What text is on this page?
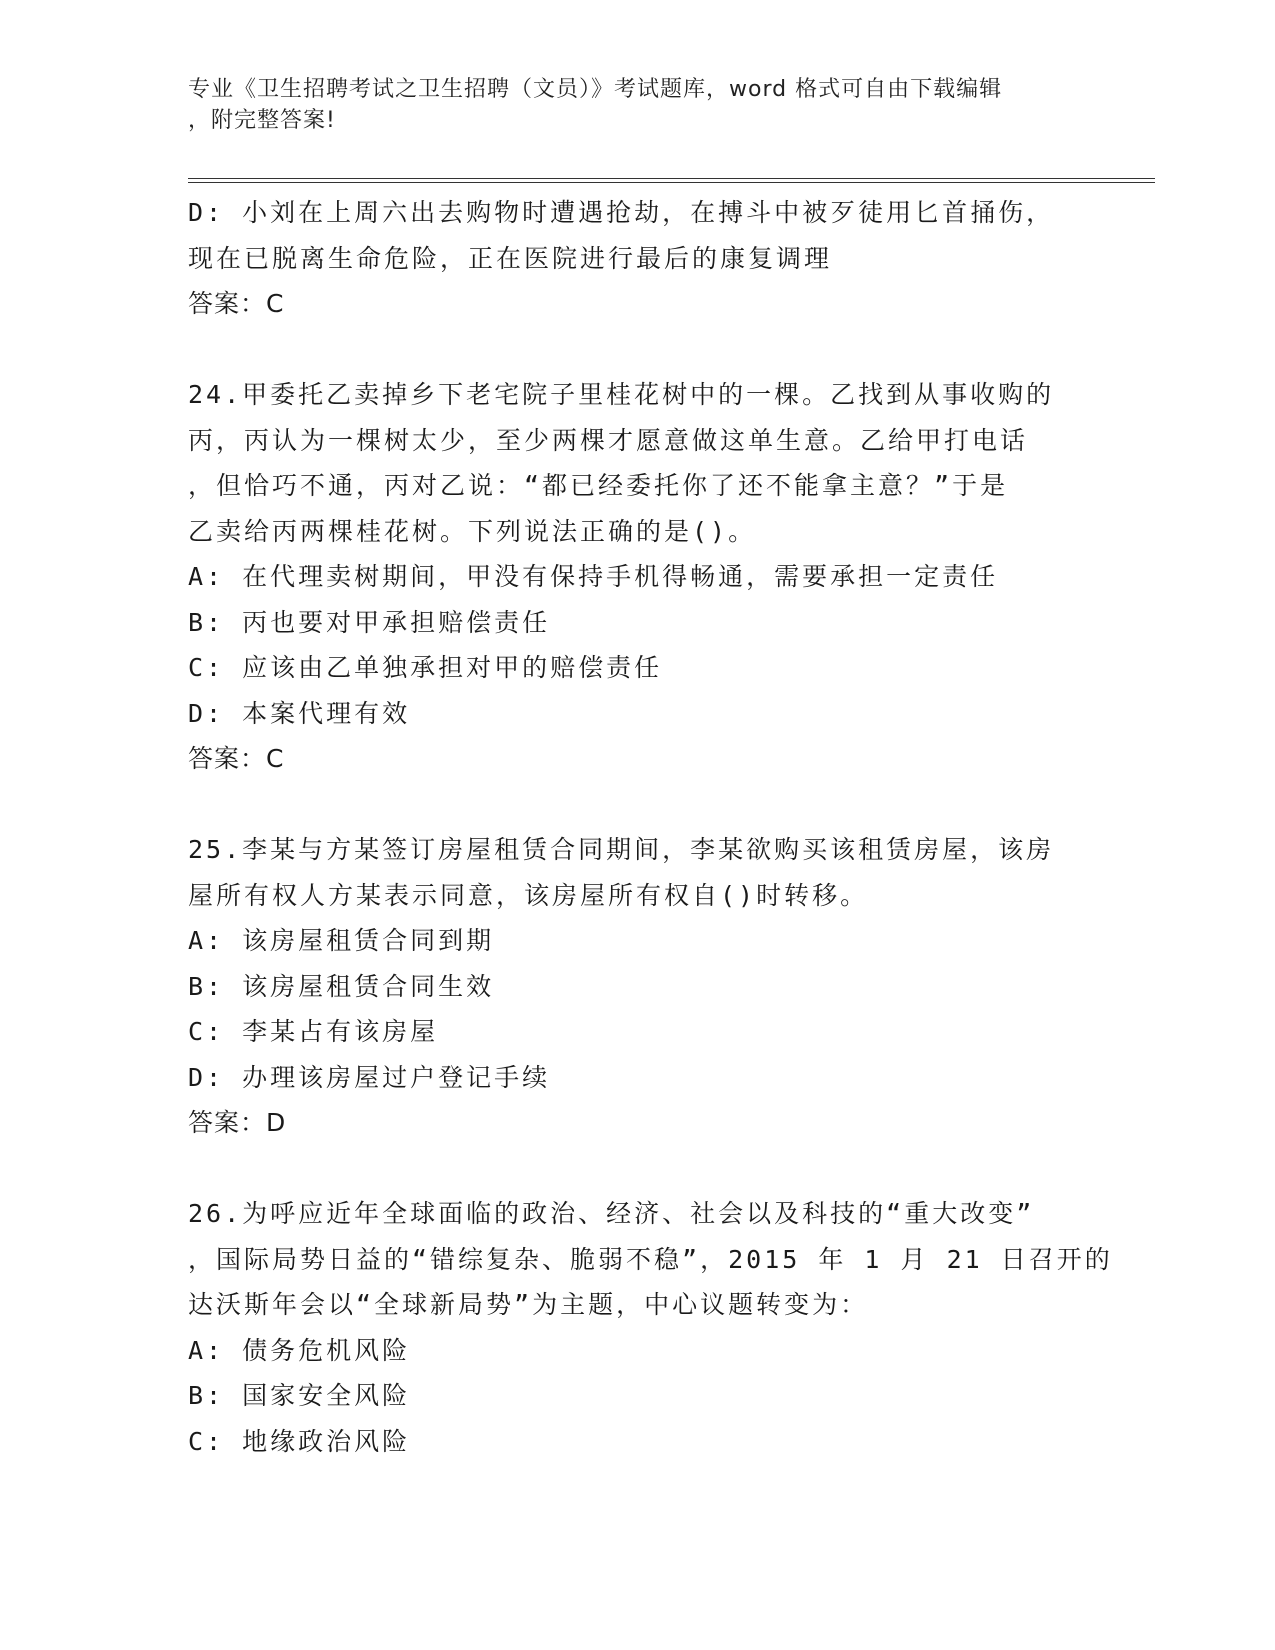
专业《卫生招聘考试之卫生招聘（文员）》考试题库，word 格式可自由下载编辑
，附完整答案!
D: 小刘在上周六出去购物时遭遇抢劫，在搏斗中被歹徒用匕首捅伤，
现在已脱离生命危险，正在医院进行最后的康复调理
答案：C
24.甲委托乙卖掉乡下老宅院子里桂花树中的一棵。乙找到从事收购的
丙，丙认为一棵树太少，至少两棵才愿意做这单生意。乙给甲打电话
，但恰巧不通，丙对乙说：“都已经委托你了还不能拿主意？”于是
乙卖给丙两棵桂花树。下列说法正确的是()。
A: 在代理卖树期间，甲没有保持手机得畅通，需要承担一定责任
B: 丙也要对甲承担赔偿责任
C: 应该由乙单独承担对甲的赔偿责任
D: 本案代理有效
答案：C
25.李某与方某签订房屋租赁合同期间，李某欲购买该租赁房屋，该房
屋所有权人方某表示同意，该房屋所有权自()时转移。
A: 该房屋租赁合同到期
B: 该房屋租赁合同生效
C: 李某占有该房屋
D: 办理该房屋过户登记手续
答案：D
26.为呼应近年全球面临的政治、经济、社会以及科技的“重大改变”
，国际局势日益的“错综复杂、脆弱不稳”，2015 年 1 月 21 日召开的
达沃斯年会以“全球新局势”为主题，中心议题转变为：
A: 债务危机风险
B: 国家安全风险
C: 地缘政治风险
